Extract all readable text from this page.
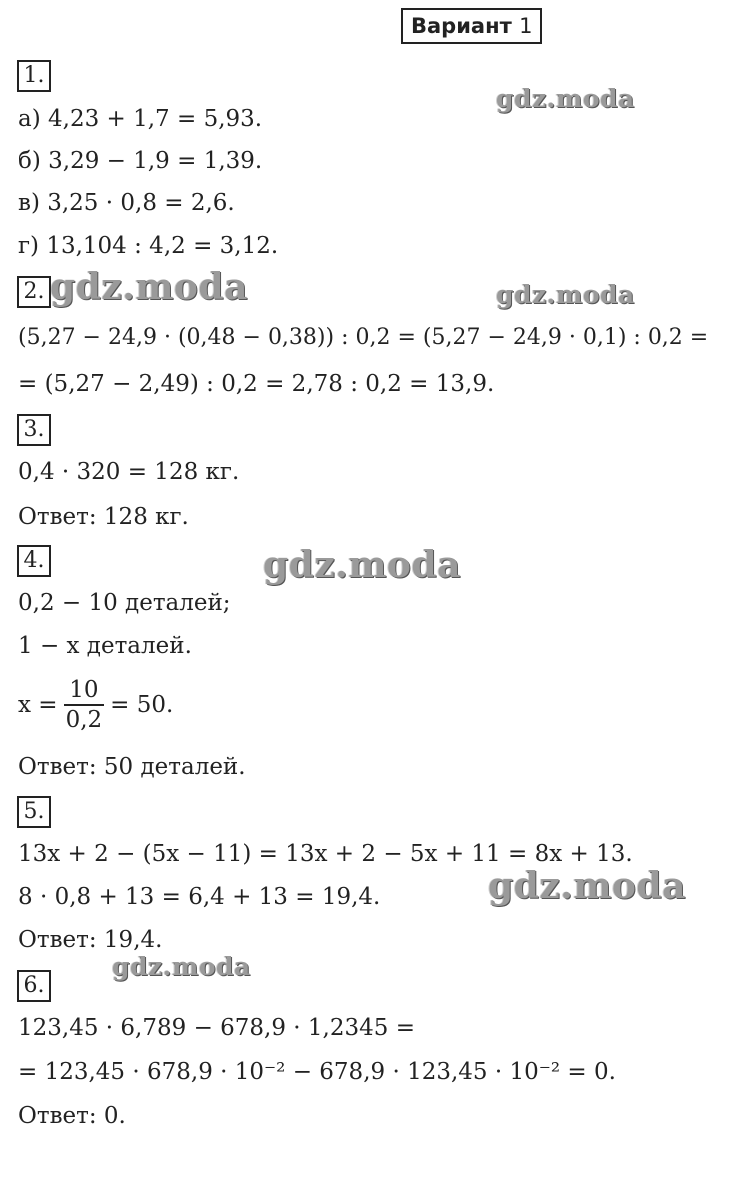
Вариант 1
gdz.moda
gdz.moda	gdz.moda
gdz.moda
gdz.moda
gdz.moda
1.
а) 4,23 + 1,7 = 5,93.
б) 3,29 − 1,9 = 1,39.
в) 3,25 · 0,8 = 2,6.
г) 13,104 : 4,2 = 3,12.
2.
(5,27 − 24,9 · (0,48 − 0,38)) : 0,2 = (5,27 − 24,9 · 0,1) : 0,2 =
= (5,27 − 2,49) : 0,2 = 2,78 : 0,2 = 13,9.
3.
0,4 · 320 = 128 кг.
Ответ: 128 кг.
4.
0,2 − 10 деталей;
1 − x деталей.
$x = \frac{10}{0,2} = 50$.
Ответ: 50 деталей.
5.
13x + 2 − (5x − 11) = 13x + 2 − 5x + 11 = 8x + 13.
8 · 0,8 + 13 = 6,4 + 13 = 19,4.
Ответ: 19,4.
6.
123,45 · 6,789 − 678,9 · 1,2345 =
= 123,45 · 678,9 · 10⁻² − 678,9 · 123,45 · 10⁻² = 0.
Ответ: 0.
